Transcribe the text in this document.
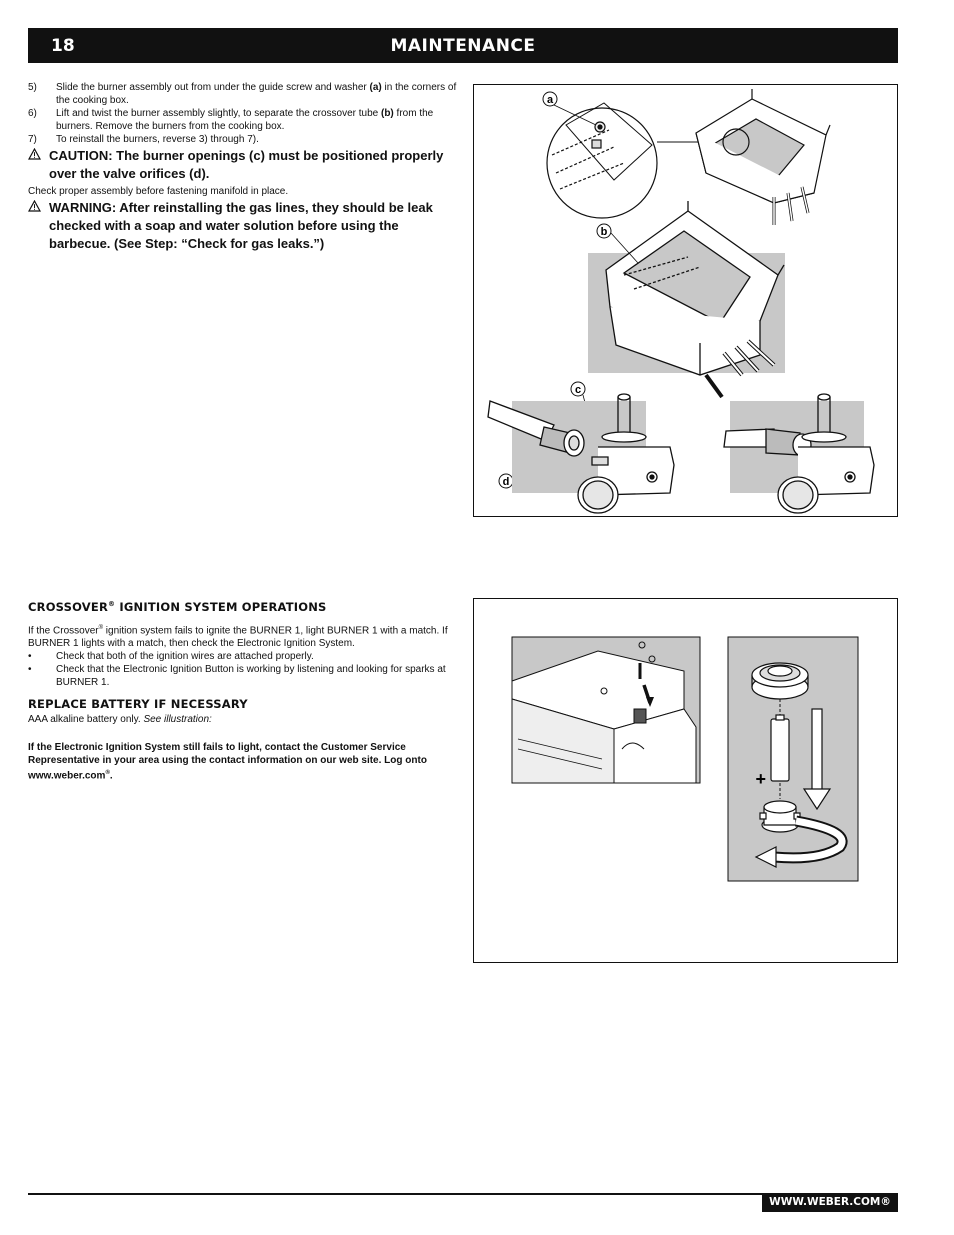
18	MAINTENANCE
5)	Slide the burner assembly out from under the guide screw and washer (a) in the corners of the cooking box.
6)	Lift and twist the burner assembly slightly, to separate the crossover tube (b) from the burners. Remove the burners from the cooking box.
7)	To reinstall the burners, reverse 3) through 7).
CAUTION: The burner openings (c) must be positioned properly over the valve orifices (d).
Check proper assembly before fastening manifold in place.
WARNING: After reinstalling the gas lines, they should be leak checked with a soap and water solution before using the barbecue. (See Step: “Check for gas leaks.”)
a
b
c
d
CROSSOVER® IGNITION SYSTEM OPERATIONS
If the Crossover® ignition system fails to ignite the BURNER 1, light BURNER 1 with a match. If BURNER 1 lights with a match, then check the Electronic Ignition System.
•	Check that both of the ignition wires are attached properly.
•	Check that the Electronic Ignition Button is working by listening and looking for sparks at BURNER 1.
REPLACE BATTERY IF NECESSARY
AAA alkaline battery only. See illustration:
If the Electronic Ignition System still fails to light, contact the Customer Service Representative in your area using the contact information on our web site. Log onto www.weber.com®.	+
WWW.WEBER.COM®
